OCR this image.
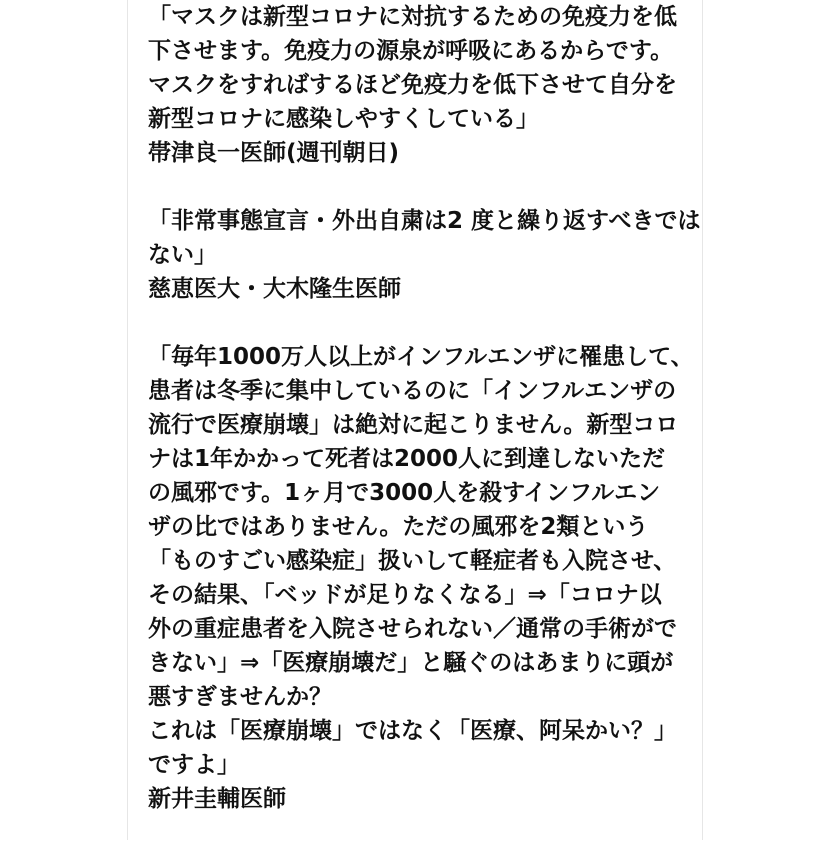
「マスクは新型コロナに対抗するための免疫力を低
下させます。免疫力の源泉が呼吸にあるからです。
マスクをすればするほど免疫力を低下させて自分を
新型コロナに感染しやすくしている」
帯津良一医師(週刊朝日)
「非常事態宣言・外出自粛は2 度と繰り返すべきでは
ない」
慈恵医大・大木隆生医師
「毎年1000万人以上がインフルエンザに罹患して、
患者は冬季に集中しているのに「インフルエンザの
流行で医療崩壊」は絶対に起こりません。新型コロ
ナは1年かかって死者は2000人に到達しないただ
の風邪です。1ヶ月で3000人を殺すインフルエン
ザの比ではありません。ただの風邪を2類という
「ものすごい感染症」扱いして軽症者も入院させ、
その結果、「ベッドが足りなくなる」⇒「コロナ以
外の重症患者を入院させられない／通常の手術がで
きない」⇒「医療崩壊だ」と騒ぐのはあまりに頭が
悪すぎませんか？
これは「医療崩壊」ではなく「医療、阿呆かい？」
ですよ」
新井圭輔医師
